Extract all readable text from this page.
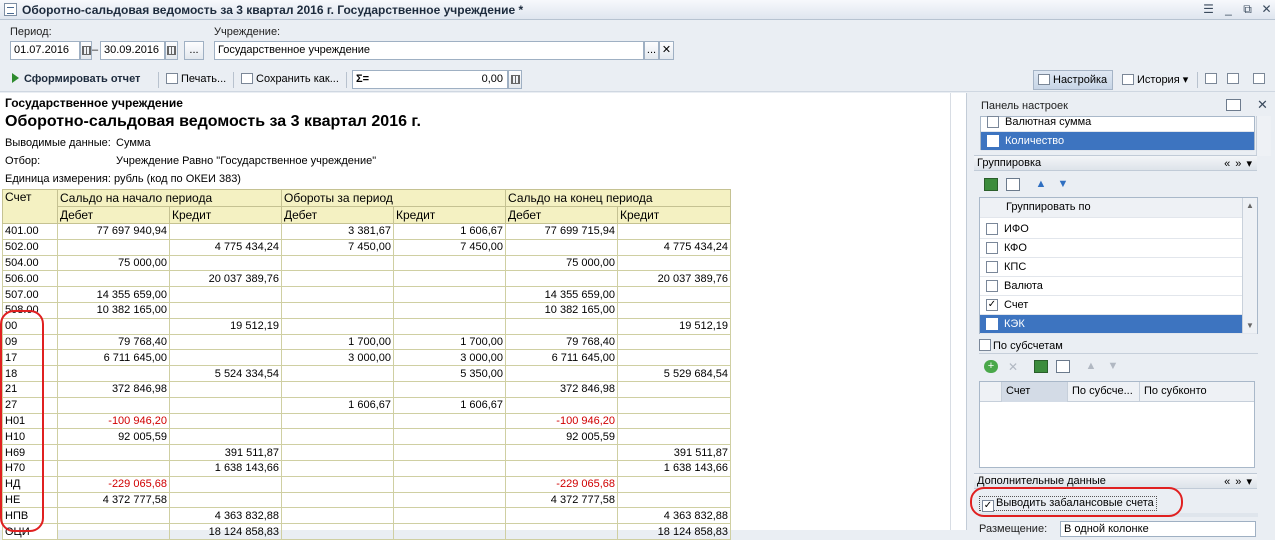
Оборотно-сальдовая ведомость за 3 квартал 2016 г. Государственное учреждение *	☰ _ ⧉ ✕
Период:
01.07.2016	– 30.09.2016	...
Учреждение:
Государственное учреждение	... ✕
Сформировать отчет	Печать...	Сохранить как...	Σ=	0,00	Настройка	История ▾
Государственное учреждение
Оборотно-сальдовая ведомость за 3 квартал 2016 г.
Выводимые данные: Сумма
Отбор:	Учреждение Равно "Государственное учреждение"
Единица измерения: рубль (код по ОКЕИ 383)
Счет	Сальдо на начало периода		Обороты за период		Сальдо на конец периода	
	Дебет	Кредит	Дебет	Кредит	Дебет	Кредит
401.00	77 697 940,94		3 381,67	1 606,67	77 699 715,94	
502.00		4 775 434,24	7 450,00	7 450,00		4 775 434,24
504.00	75 000,00				75 000,00	
506.00		20 037 389,76				20 037 389,76
507.00	14 355 659,00				14 355 659,00	
508.00	10 382 165,00				10 382 165,00	
00		19 512,19				19 512,19
09	79 768,40		1 700,00	1 700,00	79 768,40	
17	6 711 645,00		3 000,00	3 000,00	6 711 645,00	
18		5 524 334,54		5 350,00		5 529 684,54
21	372 846,98				372 846,98	
27			1 606,67	1 606,67		
Н01	-100 946,20				-100 946,20	
Н10	92 005,59				92 005,59	
Н69		391 511,87				391 511,87
Н70		1 638 143,66				1 638 143,66
НД	-229 065,68				-229 065,68	
НЕ	4 372 777,58				4 372 777,58	
НПВ		4 363 832,88				4 363 832,88
ОЦИ		18 124 858,83				18 124 858,83
Панель настроек	✕
Валютная сумма
Количество
Группировка	« » ▾
▲ ▼
Группировать по
ИФО
КФО
КПС
Валюта
✓ Счет
КЭК
▲
▼
По субсчетам
+	✕	▲ ▼
Счет	По субсче...	По субконто
Дополнительные данные	« » ▾
✓ Выводить забалансовые счета
Размещение:	В одной колонке
